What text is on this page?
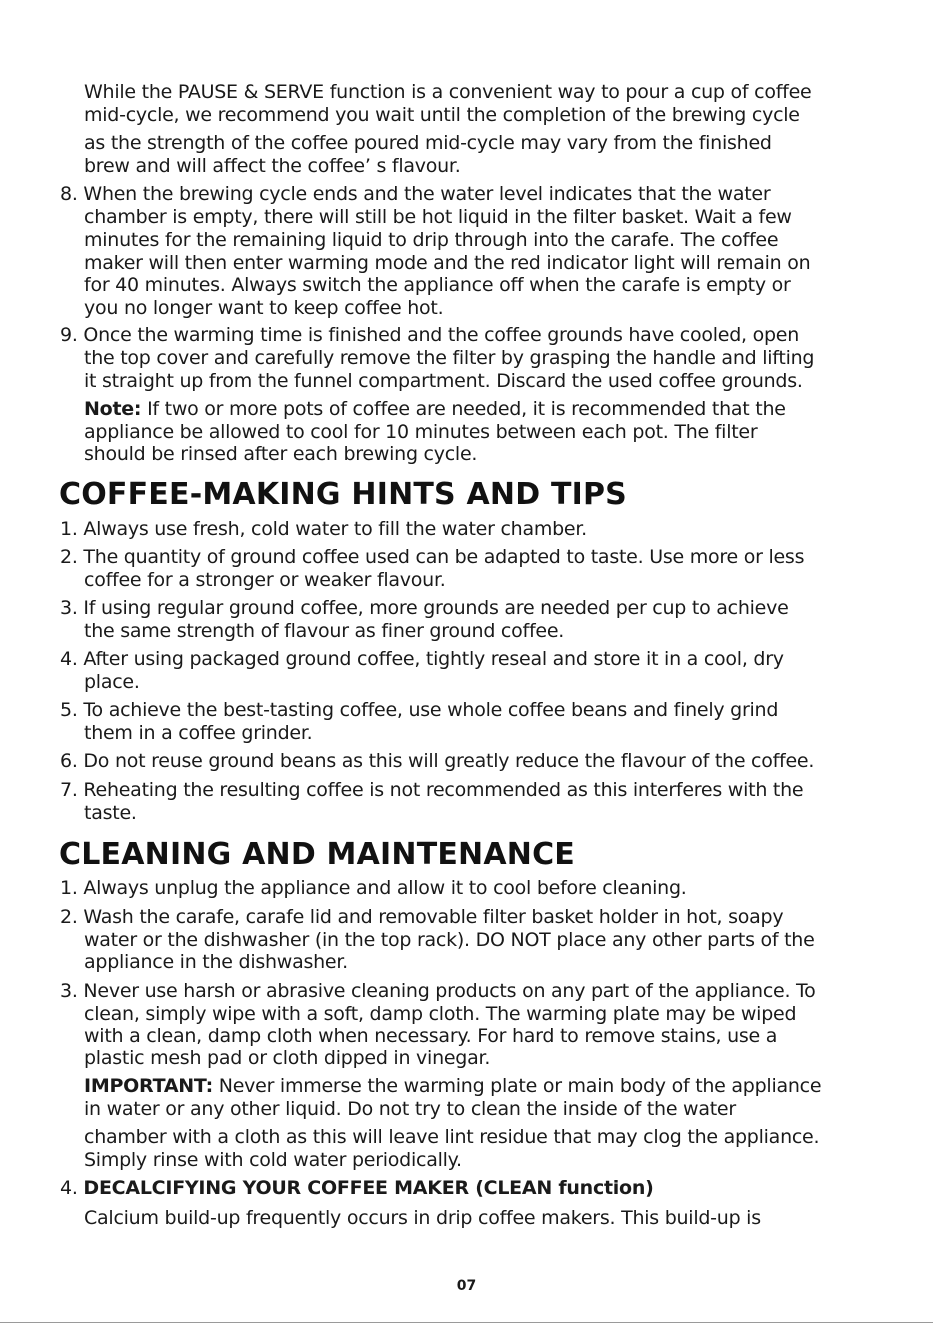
While the PAUSE & SERVE function is a convenient way to pour a cup of coffee
mid-cycle, we recommend you wait until the completion of the brewing cycle
as the strength of the coffee poured mid-cycle may vary from the finished
brew and will affect the coffee’ s flavour.
8. When the brewing cycle ends and the water level indicates that the water
chamber is empty, there will still be hot liquid in the filter basket. Wait a few
minutes for the remaining liquid to drip through into the carafe. The coffee
maker will then enter warming mode and the red indicator light will remain on
for 40 minutes. Always switch the appliance off when the carafe is empty or
you no longer want to keep coffee hot.
9. Once the warming time is finished and the coffee grounds have cooled, open
the top cover and carefully remove the filter by grasping the handle and lifting
it straight up from the funnel compartment. Discard the used coffee grounds.
Note: If two or more pots of coffee are needed, it is recommended that the
appliance be allowed to cool for 10 minutes between each pot. The filter
should be rinsed after each brewing cycle.
COFFEE-MAKING HINTS AND TIPS
1. Always use fresh, cold water to fill the water chamber.
2. The quantity of ground coffee used can be adapted to taste. Use more or less
coffee for a stronger or weaker flavour.
3. If using regular ground coffee, more grounds are needed per cup to achieve
the same strength of flavour as finer ground coffee.
4. After using packaged ground coffee, tightly reseal and store it in a cool, dry
place.
5. To achieve the best-tasting coffee, use whole coffee beans and finely grind
them in a coffee grinder.
6. Do not reuse ground beans as this will greatly reduce the flavour of the coffee.
7. Reheating the resulting coffee is not recommended as this interferes with the
taste.
CLEANING AND MAINTENANCE
1. Always unplug the appliance and allow it to cool before cleaning.
2. Wash the carafe, carafe lid and removable filter basket holder in hot, soapy
water or the dishwasher (in the top rack). DO NOT place any other parts of the
appliance in the dishwasher.
3. Never use harsh or abrasive cleaning products on any part of the appliance. To
clean, simply wipe with a soft, damp cloth. The warming plate may be wiped
with a clean, damp cloth when necessary. For hard to remove stains, use a
plastic mesh pad or cloth dipped in vinegar.
IMPORTANT: Never immerse the warming plate or main body of the appliance
in water or any other liquid. Do not try to clean the inside of the water
chamber with a cloth as this will leave lint residue that may clog the appliance.
Simply rinse with cold water periodically.
4. DECALCIFYING YOUR COFFEE MAKER (CLEAN function)
Calcium build-up frequently occurs in drip coffee makers. This build-up is
07
